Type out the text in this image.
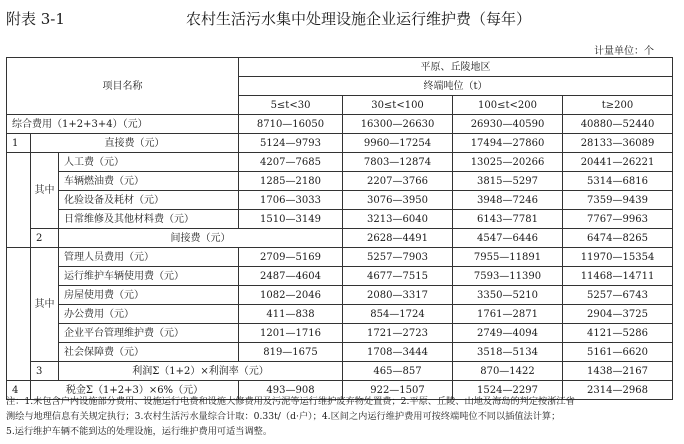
附表 3-1	农村生活污水集中处理设施企业运行维护费（每年）
计量单位：个
项目名称			平原、丘陵地区				
			终端吨位（t）				
			5≤t<30	30≤t<100	100≤t<200	t≥200	
综合费用（1+2+3+4）（元）			8710—16050	16300—26630	26930—40590	40880—52440	
1	直接费（元）		5124—9793	9960—17254	17494—27860	28133—36089	
	其中	人工费（元）	4207—7685	7803—12874	13025—20266	20441—26221	
		车辆燃油费（元）	1285—2180	2207—3766	3815—5297	5314—6816	
		化验设备及耗材（元）	1706—3033	3076—3950	3948—7246	7359—9439	
		日常维修及其他材料费（元）	1510—3149	3213—6040	6143—7781	7767—9963	
	2	间接费（元）		2628—4491	4547—6446	6474—8265	
	其中	管理人员费用（元）	2709—5169	5257—7903	7955—11891	11970—15354	
		运行维护车辆使用费（元）	2487—4604	4677—7515	7593—11390	11468—14711	
		房屋使用费（元）	1082—2046	2080—3317	3350—5210	5257—6743	
		办公费用（元）	411—838	854—1724	1761—2871	2904—3725	
		企业平台管理维护费（元）	1201—1716	1721—2723	2749—4094	4121—5286	
		社会保障费（元）	819—1675	1708—3444	3518—5134	5161—6620	
	3	利润Σ（1+2）×利润率（元）		465—857	870—1422	1438—2167	
4	税金Σ（1+2+3）×6%（元）		493—908	922—1507	1524—2297	2314—2968	
注：1.未包含户内设施部分费用、设施运行电费和设施大修费用及污泥等运行维护废弃物处置费；2.平原、丘陵、山地及海岛的判定按浙江省
测绘与地理信息有关规定执行；3.农村生活污水量综合计取：0.33t/（d·户）；4.区间之内运行维护费用可按终端吨位不同以插值法计算；
5.运行维护车辆不能到达的处理设施，运行维护费用可适当调整。
